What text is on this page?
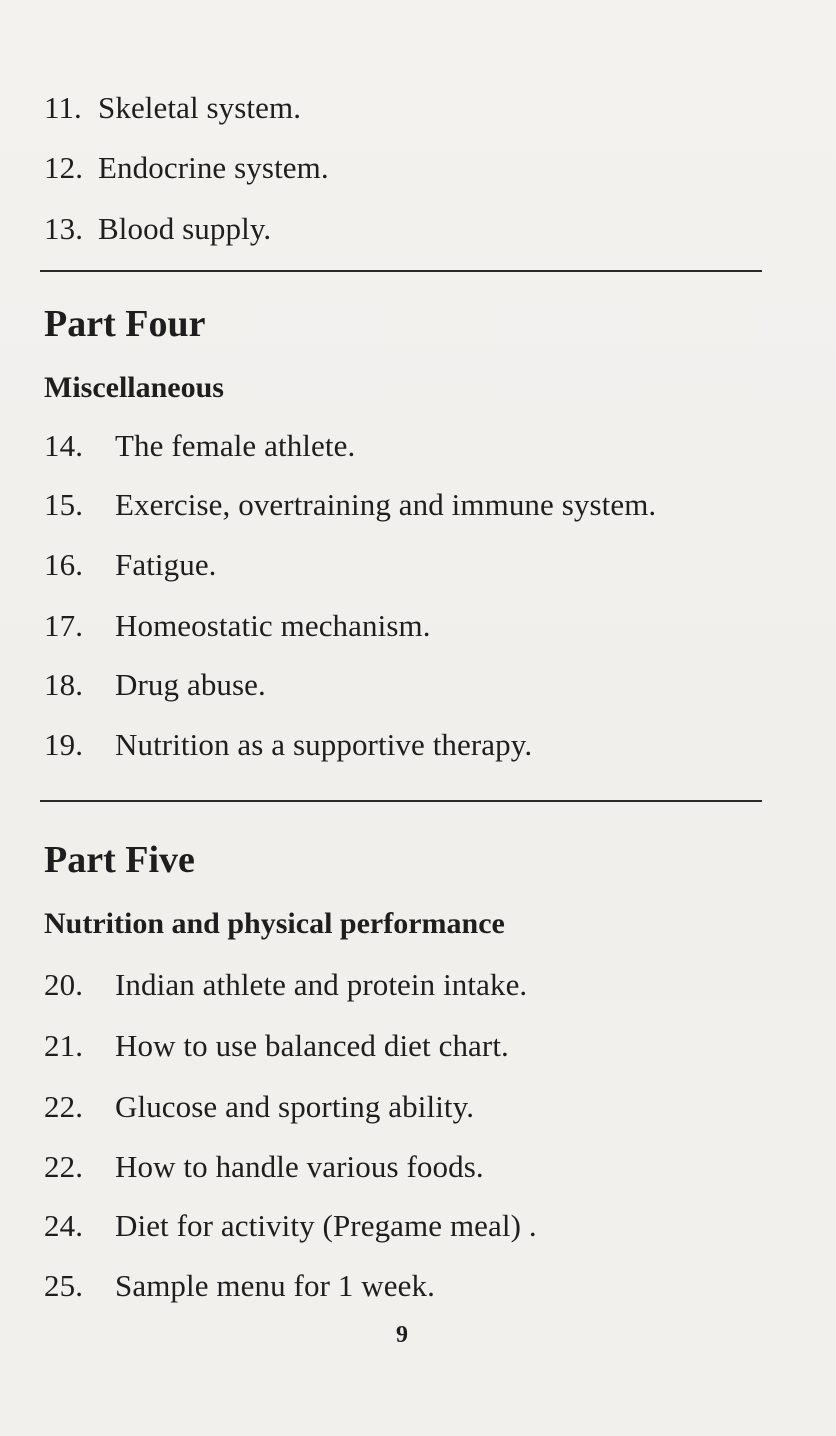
11. Skeletal system.
12. Endocrine system.
13. Blood supply.
Part Four
Miscellaneous
14. The female athlete.
15. Exercise, overtraining and immune system.
16. Fatigue.
17. Homeostatic mechanism.
18. Drug abuse.
19. Nutrition as a supportive therapy.
Part Five
Nutrition and physical performance
20. Indian athlete and protein intake.
21. How to use balanced diet chart.
22. Glucose and sporting ability.
22. How to handle various foods.
24. Diet for activity (Pregame meal) .
25. Sample menu for 1 week.
9
